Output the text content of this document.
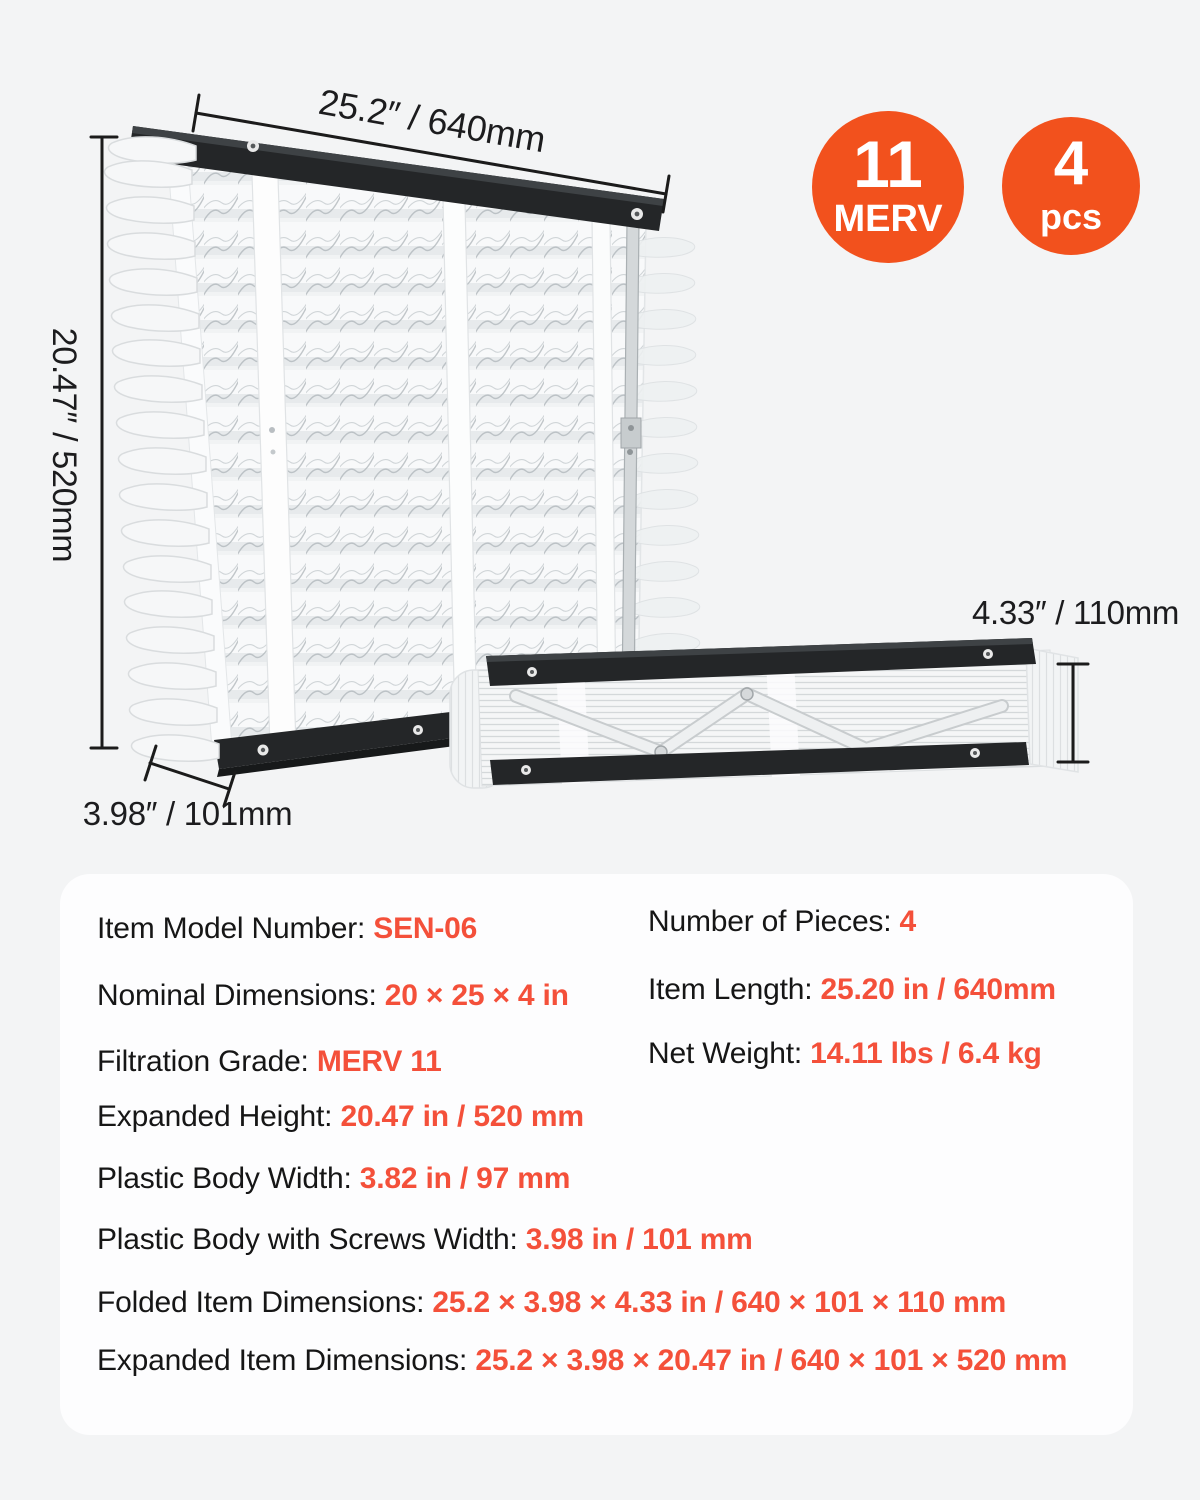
25.2″ / 640mm
20.47″ / 520mm
3.98″ / 101mm
4.33″ / 110mm
11
MERV
4
pcs
Item Model Number: SEN-06
Nominal Dimensions: 20 × 25 × 4 in
Filtration Grade: MERV 11
Number of Pieces: 4
Item Length: 25.20 in / 640mm
Net Weight: 14.11 lbs / 6.4 kg
Expanded Height: 20.47 in / 520 mm
Plastic Body Width: 3.82 in / 97 mm
Plastic Body with Screws Width: 3.98 in / 101 mm
Folded Item Dimensions: 25.2 × 3.98 × 4.33 in / 640 × 101 × 110 mm
Expanded Item Dimensions: 25.2 × 3.98 × 20.47 in / 640 × 101 × 520 mm
